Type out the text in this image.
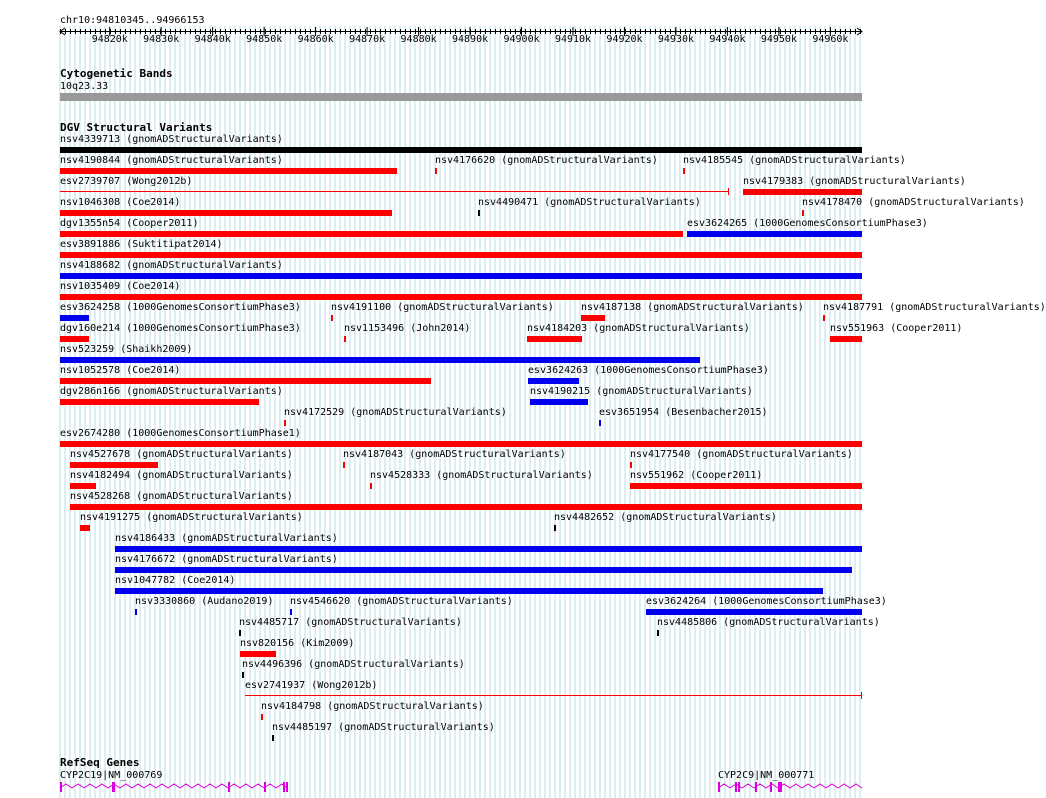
chr10:94810345..94966153
94820k 94830k 94840k 94850k 94860k 94870k 94880k 94890k 94900k 94910k 94920k 94930k 94940k 94950k 94960k
Cytogenetic Bands
10q23.33
DGV Structural Variants
nsv4339713 (gnomADStructuralVariants)
nsv4190844 (gnomADStructuralVariants)	nsv4176620 (gnomADStructuralVariants)	nsv4185545 (gnomADStructuralVariants)
esv2739707 (Wong2012b)	nsv4179383 (gnomADStructuralVariants)
nsv1046308 (Coe2014)	nsv4490471 (gnomADStructuralVariants)	nsv4178470 (gnomADStructuralVariants)
dgv1355n54 (Cooper2011)	esv3624265 (1000GenomesConsortiumPhase3)
esv3891886 (Suktitipat2014)
nsv4188682 (gnomADStructuralVariants)
nsv1035409 (Coe2014)
esv3624258 (1000GenomesConsortiumPhase3)	nsv4191100 (gnomADStructuralVariants)	nsv4187138 (gnomADStructuralVariants) nsv4187791 (gnomADStructuralVariants)
dgv160e214 (1000GenomesConsortiumPhase3)	nsv1153496 (John2014)	nsv4184203 (gnomADStructuralVariants)	nsv551963 (Cooper2011)
nsv523259 (Shaikh2009)
nsv1052578 (Coe2014)	esv3624263 (1000GenomesConsortiumPhase3)
dgv286n166 (gnomADStructuralVariants)
nsv4172529 (gnomADStructuralVariants)
nsv4190215 (gnomADStructuralVariants)
esv2674280 (1000GenomesConsortiumPhase1)
nsv4527678 (gnomADStructuralVariants)	nsv4187043 (gnomADStructuralVariants)
esv3651954 (Besenbacher2015)
nsv4182494 (gnomADStructuralVariants)	nsv4528333 (gnomADStructuralVariants)
nsv4177540 (gnomADStructuralVariants)
nsv4528268 (gnomADStructuralVariants)
nsv4191275 (gnomADStructuralVariants)	nsv4482652 (gnomADStructuralVariants)
nsv4186433 (gnomADStructuralVariants)
nsv4176672 (gnomADStructuralVariants)
nsv1047782 (Coe2014)
nsv3330860 (Audano2019) nsv4546620 (gnomADStructuralVariants)
nsv551962 (Cooper2011)
nsv4485717 (gnomADStructuralVariants)
esv3624264 (1000GenomesConsortiumPhase3)
nsv820156 (Kim2009)
nsv4485806 (gnomADStructuralVariants)
nsv4496396 (gnomADStructuralVariants)
esv2741937 (Wong2012b)
nsv4184798 (gnomADStructuralVariants)
nsv4485197 (gnomADStructuralVariants)
RefSeq Genes
CYP2C19|NM_000769	CYP2C9|NM_000771
